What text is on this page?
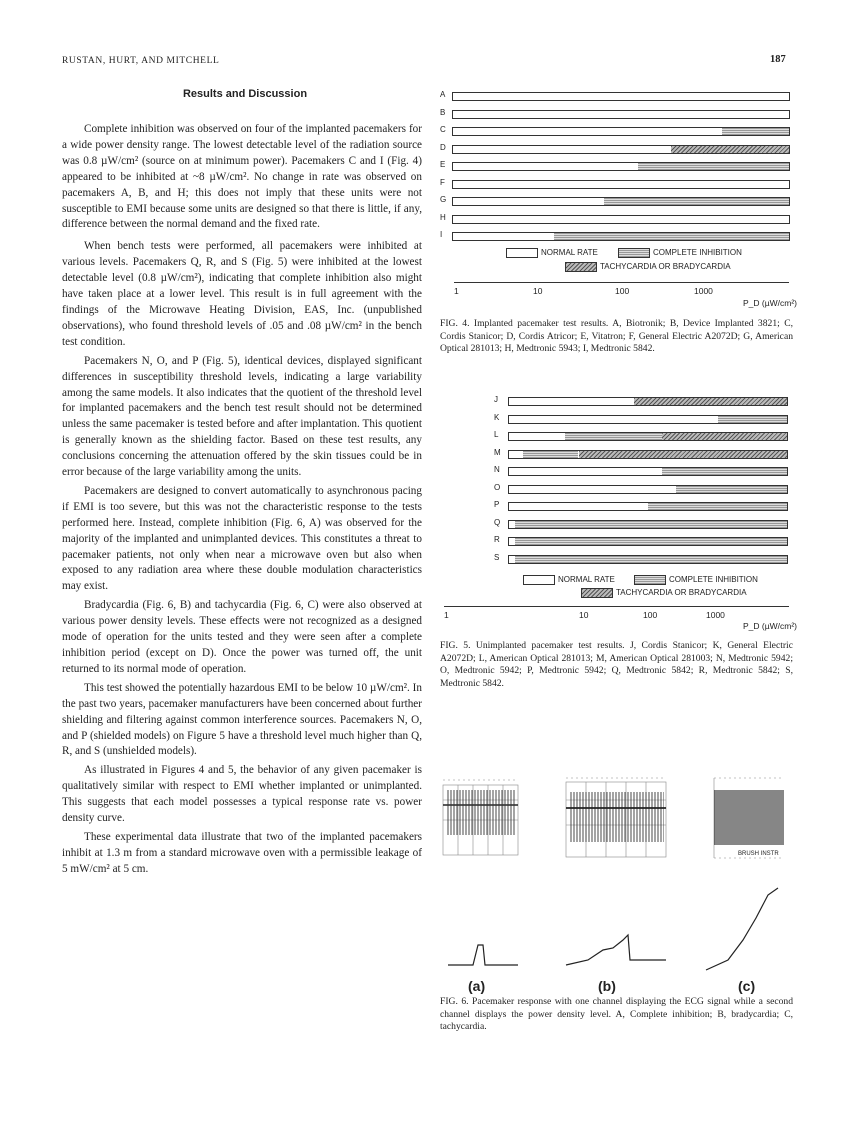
RUSTAN, HURT, AND MITCHELL	187
Results and Discussion

Complete inhibition was observed on four of the implanted pacemakers for a wide power density range. The lowest detectable level of the radiation source was 0.8 µW/cm² (source on at minimum power). Pacemakers C and I (Fig. 4) appeared to be inhibited at ~8 µW/cm². No change in rate was observed on pacemakers A, B, and H; this does not imply that these units were not susceptible to EMI because some units are designed so that there is little, if any, difference between the normal demand and the fixed rate.

When bench tests were performed, all pacemakers were inhibited at various levels. Pacemakers Q, R, and S (Fig. 5) were inhibited at the lowest detectable level (0.8 µW/cm²), indicating that complete inhibition also might have taken place at a lower level. This result is in full agreement with the findings of the Microwave Heating Division, EAS, Inc. (unpublished observations), who found threshold levels of .05 and .08 µW/cm² in the bench test condition.

Pacemakers N, O, and P (Fig. 5), identical devices, displayed significant differences in susceptibility threshold levels, indicating a large variability among the same models. It also indicates that the quotient of the threshold level for implanted pacemakers and the bench test result should not be determined unless the same pacemaker is tested before and after implantation. This quotient is generally known as the shielding factor. Based on these test results, any conclusions concerning the attenuation offered by the skin tissues could be in error because of the large variability among the units.

Pacemakers are designed to convert automatically to asynchronous pacing if EMI is too severe, but this was not the characteristic response to the tests performed here. Instead, complete inhibition (Fig. 6, A) was observed for the majority of the implanted and unimplanted devices. This constitutes a threat to pacemaker patients, not only when near a microwave oven but also when exposed to any radiation area where these double modulation characteristics may exist.

Bradycardia (Fig. 6, B) and tachycardia (Fig. 6, C) were also observed at various power density levels. These effects were not recognized as a designed mode of operation for the units tested and they were seen after a complete inhibition period (except on D). Once the power was turned off, the unit returned to its normal mode of operation.

This test showed the potentially hazardous EMI to be below 10 µW/cm². In the past two years, pacemaker manufacturers have been concerned about further shielding and filtering against common interference sources. Pacemakers N, O, and P (shielded models) on Figure 5 have a threshold level much higher than Q, R, and S (unshielded models).

As illustrated in Figures 4 and 5, the behavior of any given pacemaker is qualitatively similar with respect to EMI whether implanted or unimplanted. This suggests that each model possesses a typical response rate vs. power density curve.

These experimental data illustrate that two of the implanted pacemakers inhibit at 1.3 m from a standard microwave oven with a permissible leakage of 5 mW/cm² at 5 cm.

A
B
C
D
E
F
G
H
I
NORMAL RATE	COMPLETE INHIBITION
TACHYCARDIA OR BRADYCARDIA
1	10	100	1000
P_D (µW/cm²)
FIG. 4. Implanted pacemaker test results. A, Biotronik; B, Device Implanted 3821; C, Cordis Stanicor; D, Cordis Atricor; E, Vitatron; F, General Electric A2072D; G, American Optical 281013; H, Medtronic 5943; I, Medtronic 5842.
J
K
L
M
N
O
P
Q
R
S
NORMAL RATE	COMPLETE INHIBITION
TACHYCARDIA OR BRADYCARDIA
1	10	100	1000
P_D (µW/cm²)
FIG. 5. Unimplanted pacemaker test results. J, Cordis Stanicor; K, General Electric A2072D; L, American Optical 281013; M, American Optical 281003; N, Medtronic 5942; O, Medtronic 5942; P, Medtronic 5942; Q, Medtronic 5842; R, Medtronic 5842; S, Medtronic 5842.
BRUSH INSTR
(a)	(b)	(c)
FIG. 6. Pacemaker response with one channel displaying the ECG signal while a second channel displays the power density level. A, Complete inhibition; B, bradycardia; C, tachycardia.
